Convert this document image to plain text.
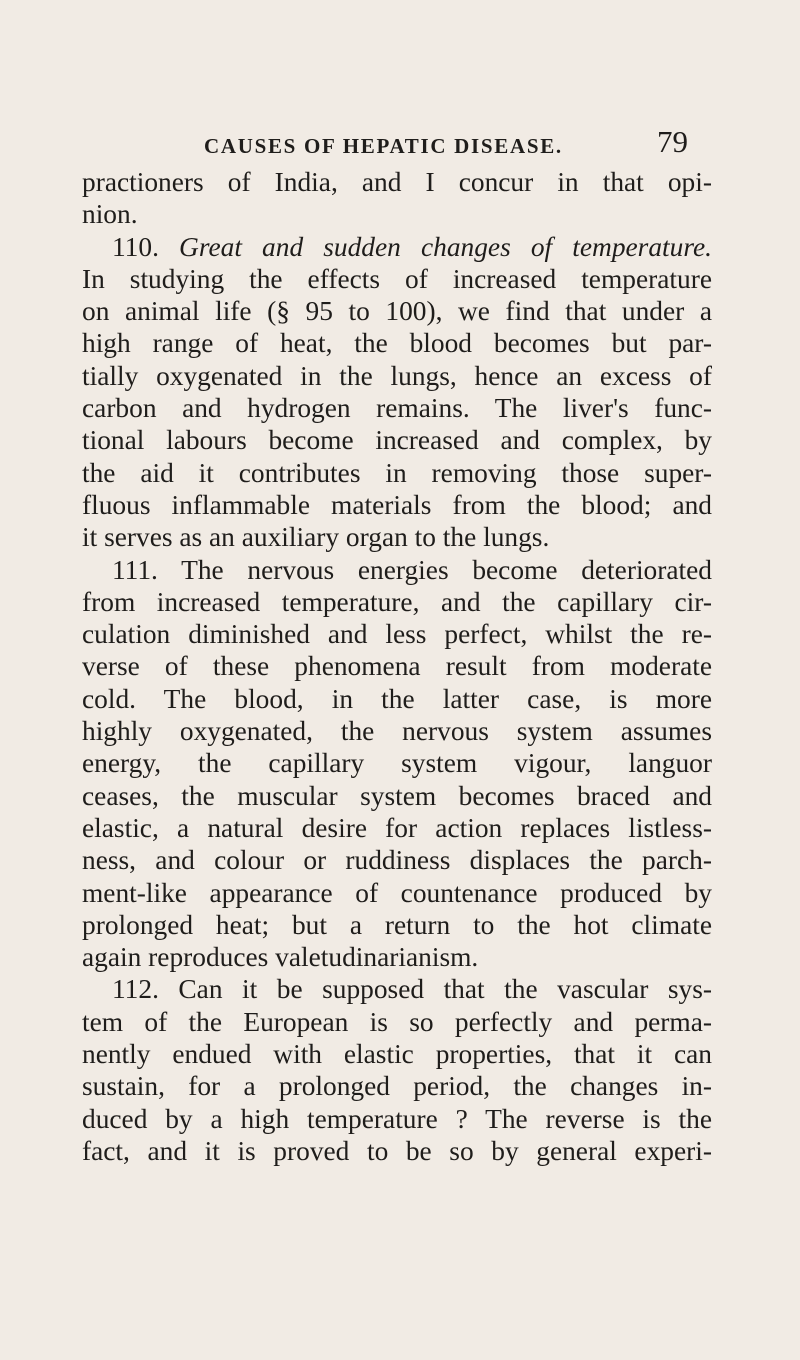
CAUSES OF HEPATIC DISEASE.	79
practioners of India, and I concur in that opi-
nion.
110. Great and sudden changes of temperature.
In studying the effects of increased temperature
on animal life (§ 95 to 100), we find that under a
high range of heat, the blood becomes but par-
tially oxygenated in the lungs, hence an excess of
carbon and hydrogen remains. The liver's func-
tional labours become increased and complex, by
the aid it contributes in removing those super-
fluous inflammable materials from the blood; and
it serves as an auxiliary organ to the lungs.
111. The nervous energies become deteriorated
from increased temperature, and the capillary cir-
culation diminished and less perfect, whilst the re-
verse of these phenomena result from moderate
cold. The blood, in the latter case, is more
highly oxygenated, the nervous system assumes
energy, the capillary system vigour, languor
ceases, the muscular system becomes braced and
elastic, a natural desire for action replaces listless-
ness, and colour or ruddiness displaces the parch-
ment-like appearance of countenance produced by
prolonged heat; but a return to the hot climate
again reproduces valetudinarianism.
112. Can it be supposed that the vascular sys-
tem of the European is so perfectly and perma-
nently endued with elastic properties, that it can
sustain, for a prolonged period, the changes in-
duced by a high temperature ? The reverse is the
fact, and it is proved to be so by general experi-
